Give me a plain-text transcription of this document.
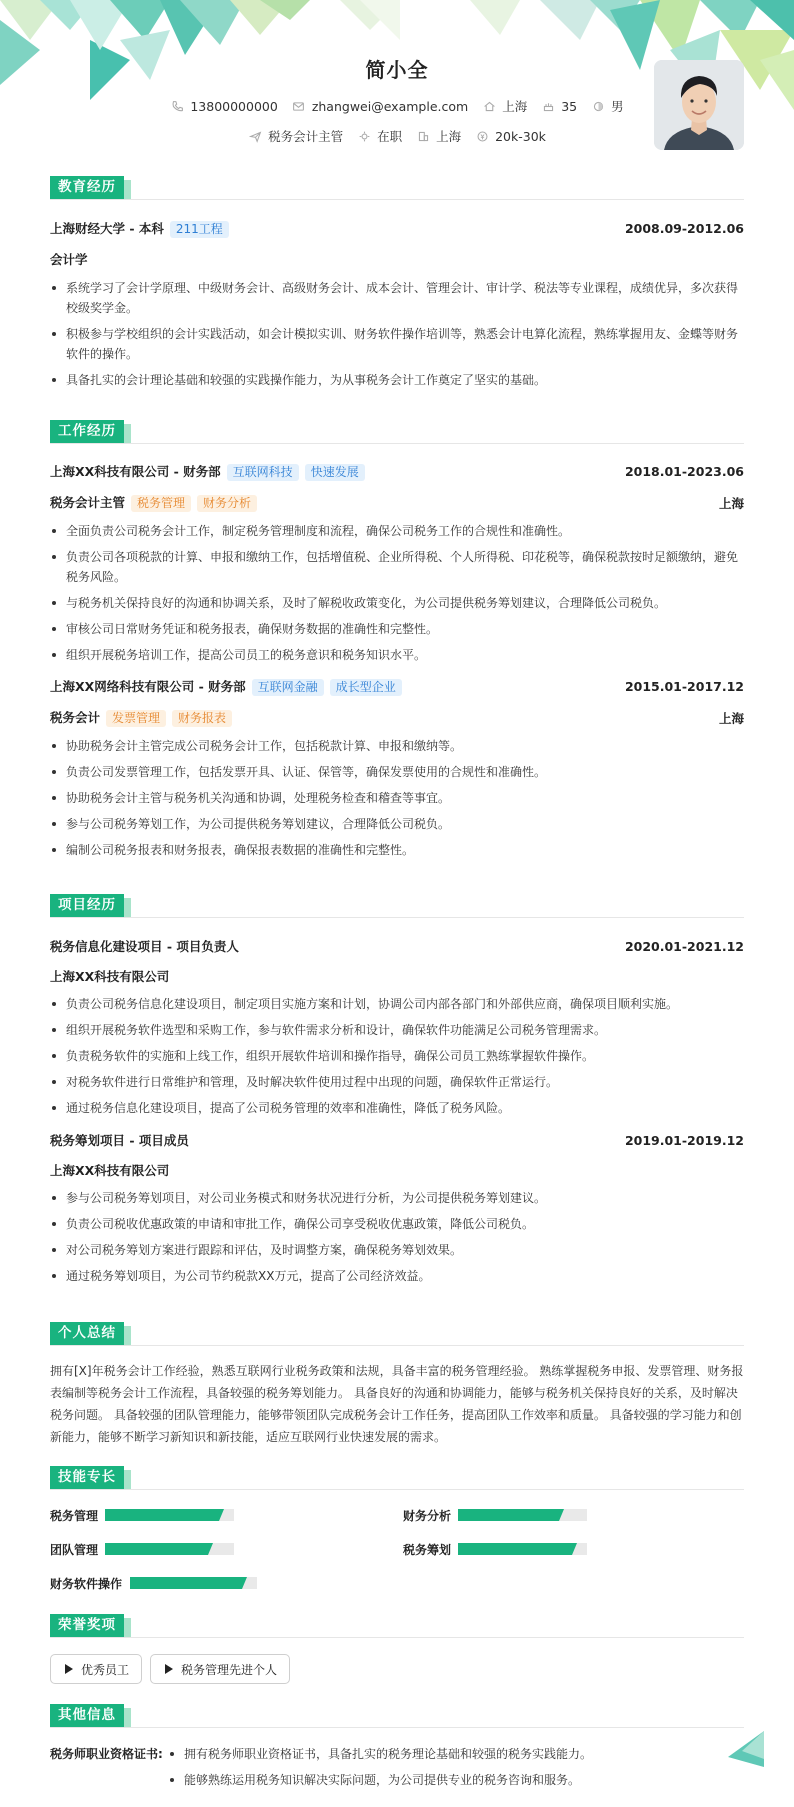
简小全
13800000000	zhangwei@example.com	上海	35	男
税务会计主管	在职	上海	20k-30k
教育经历
上海财经大学 - 本科 211工程	2008.09-2012.06
会计学
系统学习了会计学原理、中级财务会计、高级财务会计、成本会计、管理会计、审计学、税法等专业课程，成绩优异，多次获得校级奖学金。
积极参与学校组织的会计实践活动，如会计模拟实训、财务软件操作培训等，熟悉会计电算化流程，熟练掌握用友、金蝶等财务软件的操作。
具备扎实的会计理论基础和较强的实践操作能力，为从事税务会计工作奠定了坚实的基础。
工作经历
上海XX科技有限公司 - 财务部 互联网科技 快速发展	2018.01-2023.06
税务会计主管 税务管理 财务分析	上海
全面负责公司税务会计工作，制定税务管理制度和流程，确保公司税务工作的合规性和准确性。
负责公司各项税款的计算、申报和缴纳工作，包括增值税、企业所得税、个人所得税、印花税等，确保税款按时足额缴纳，避免税务风险。
与税务机关保持良好的沟通和协调关系，及时了解税收政策变化，为公司提供税务筹划建议，合理降低公司税负。
审核公司日常财务凭证和税务报表，确保财务数据的准确性和完整性。
组织开展税务培训工作，提高公司员工的税务意识和税务知识水平。
上海XX网络科技有限公司 - 财务部 互联网金融 成长型企业	2015.01-2017.12
税务会计 发票管理 财务报表	上海
协助税务会计主管完成公司税务会计工作，包括税款计算、申报和缴纳等。
负责公司发票管理工作，包括发票开具、认证、保管等，确保发票使用的合规性和准确性。
协助税务会计主管与税务机关沟通和协调，处理税务检查和稽查等事宜。
参与公司税务筹划工作，为公司提供税务筹划建议，合理降低公司税负。
编制公司税务报表和财务报表，确保报表数据的准确性和完整性。
项目经历
税务信息化建设项目 - 项目负责人	2020.01-2021.12
上海XX科技有限公司
负责公司税务信息化建设项目，制定项目实施方案和计划，协调公司内部各部门和外部供应商，确保项目顺利实施。
组织开展税务软件选型和采购工作，参与软件需求分析和设计，确保软件功能满足公司税务管理需求。
负责税务软件的实施和上线工作，组织开展软件培训和操作指导，确保公司员工熟练掌握软件操作。
对税务软件进行日常维护和管理，及时解决软件使用过程中出现的问题，确保软件正常运行。
通过税务信息化建设项目，提高了公司税务管理的效率和准确性，降低了税务风险。
税务筹划项目 - 项目成员	2019.01-2019.12
上海XX科技有限公司
参与公司税务筹划项目，对公司业务模式和财务状况进行分析，为公司提供税务筹划建议。
负责公司税收优惠政策的申请和审批工作，确保公司享受税收优惠政策，降低公司税负。
对公司税务筹划方案进行跟踪和评估，及时调整方案，确保税务筹划效果。
通过税务筹划项目，为公司节约税款XX万元，提高了公司经济效益。
个人总结
拥有[X]年税务会计工作经验，熟悉互联网行业税务政策和法规，具备丰富的税务管理经验。 熟练掌握税务申报、发票管理、财务报表编制等税务会计工作流程，具备较强的税务筹划能力。 具备良好的沟通和协调能力，能够与税务机关保持良好的关系，及时解决税务问题。 具备较强的团队管理能力，能够带领团队完成税务会计工作任务，提高团队工作效率和质量。 具备较强的学习能力和创新能力，能够不断学习新知识和新技能，适应互联网行业快速发展的需求。
技能专长
税务管理	财务分析
团队管理	税务筹划
财务软件操作
荣誉奖项
优秀员工	税务管理先进个人
其他信息
税务师职业资格证书:	拥有税务师职业资格证书，具备扎实的税务理论基础和较强的税务实践能力。
能够熟练运用税务知识解决实际问题，为公司提供专业的税务咨询和服务。
